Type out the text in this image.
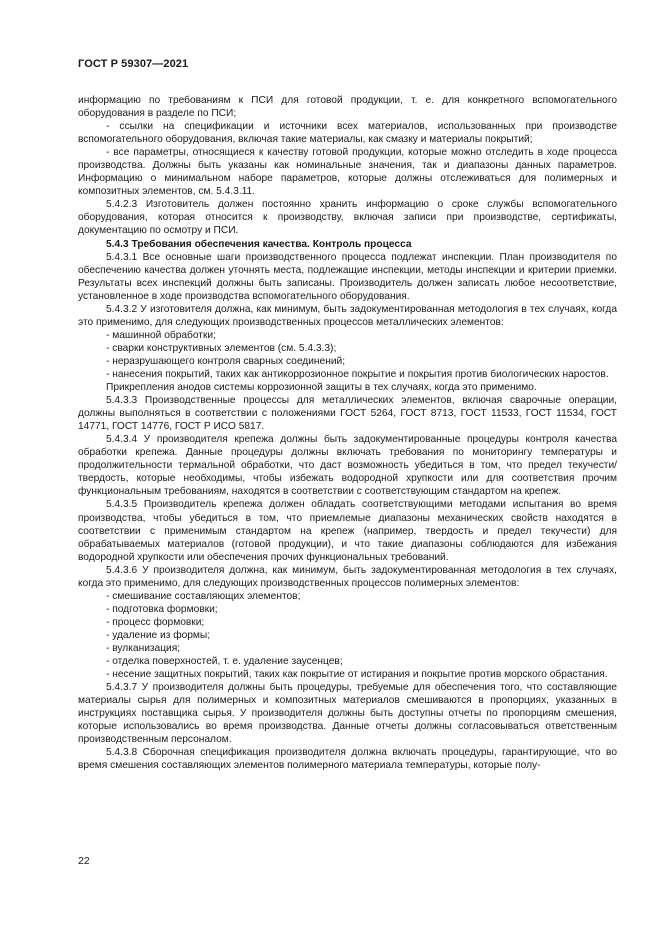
ГОСТ Р 59307—2021

информацию по требованиям к ПСИ для готовой продукции, т. е. для конкретного вспомогательного оборудования в разделе по ПСИ;

- ссылки на спецификации и источники всех материалов, использованных при производстве вспомогательного оборудования, включая такие материалы, как смазку и материалы покрытий;

- все параметры, относящиеся к качеству готовой продукции, которые можно отследить в ходе процесса производства. Должны быть указаны как номинальные значения, так и диапазоны данных параметров. Информацию о минимальном наборе параметров, которые должны отслеживаться для полимерных и композитных элементов, см. 5.4.3.11.

5.4.2.3 Изготовитель должен постоянно хранить информацию о сроке службы вспомогательного оборудования, которая относится к производству, включая записи при производстве, сертификаты, документацию по осмотру и ПСИ.

5.4.3 Требования обеспечения качества. Контроль процесса

5.4.3.1 Все основные шаги производственного процесса подлежат инспекции. План производителя по обеспечению качества должен уточнять места, подлежащие инспекции, методы инспекции и критерии приемки. Результаты всех инспекций должны быть записаны. Производитель должен записать любое несоответствие, установленное в ходе производства вспомогательного оборудования.

5.4.3.2 У изготовителя должна, как минимум, быть задокументированная методология в тех случаях, когда это применимо, для следующих производственных процессов металлических элементов:

- машинной обработки;

- сварки конструктивных элементов (см. 5.4.3.3);

- неразрушающего контроля сварных соединений;

- нанесения покрытий, таких как антикоррозионное покрытие и покрытия против биологических наростов.

Прикрепления анодов системы коррозионной защиты в тех случаях, когда это применимо.

5.4.3.3 Производственные процессы для металлических элементов, включая сварочные операции, должны выполняться в соответствии с положениями ГОСТ 5264, ГОСТ 8713, ГОСТ 11533, ГОСТ 11534, ГОСТ 14771, ГОСТ 14776, ГОСТ Р ИСО 5817.

5.4.3.4 У производителя крепежа должны быть задокументированные процедуры контроля качества обработки крепежа. Данные процедуры должны включать требования по мониторингу температуры и продолжительности термальной обработки, что даст возможность убедиться в том, что предел текучести/твердость, которые необходимы, чтобы избежать водородной хрупкости или для соответствия прочим функциональным требованиям, находятся в соответствии с соответствующим стандартом на крепеж.

5.4.3.5 Производитель крепежа должен обладать соответствующими методами испытания во время производства, чтобы убедиться в том, что приемлемые диапазоны механических свойств находятся в соответствии с применимым стандартом на крепеж (например, твердость и предел текучести) для обрабатываемых материалов (готовой продукции), и что такие диапазоны соблюдаются для избежания водородной хрупкости или обеспечения прочих функциональных требований.

5.4.3.6 У производителя должна, как минимум, быть задокументированная методология в тех случаях, когда это применимо, для следующих производственных процессов полимерных элементов:

- смешивание составляющих элементов;

- подготовка формовки;

- процесс формовки;

- удаление из формы;

- вулканизация;

- отделка поверхностей, т. е. удаление заусенцев;

- несение защитных покрытий, таких как покрытие от истирания и покрытие против морского обрастания.

5.4.3.7 У производителя должны быть процедуры, требуемые для обеспечения того, что составляющие материалы сырья для полимерных и композитных материалов смешиваются в пропорциях, указанных в инструкциях поставщика сырья. У производителя должны быть доступны отчеты по пропорциям смешения, которые использовались во время производства. Данные отчеты должны согласовываться ответственным производственным персоналом.

5.4.3.8 Сборочная спецификация производителя должна включать процедуры, гарантирующие, что во время смешения составляющих элементов полимерного материала температуры, которые полу-

22
